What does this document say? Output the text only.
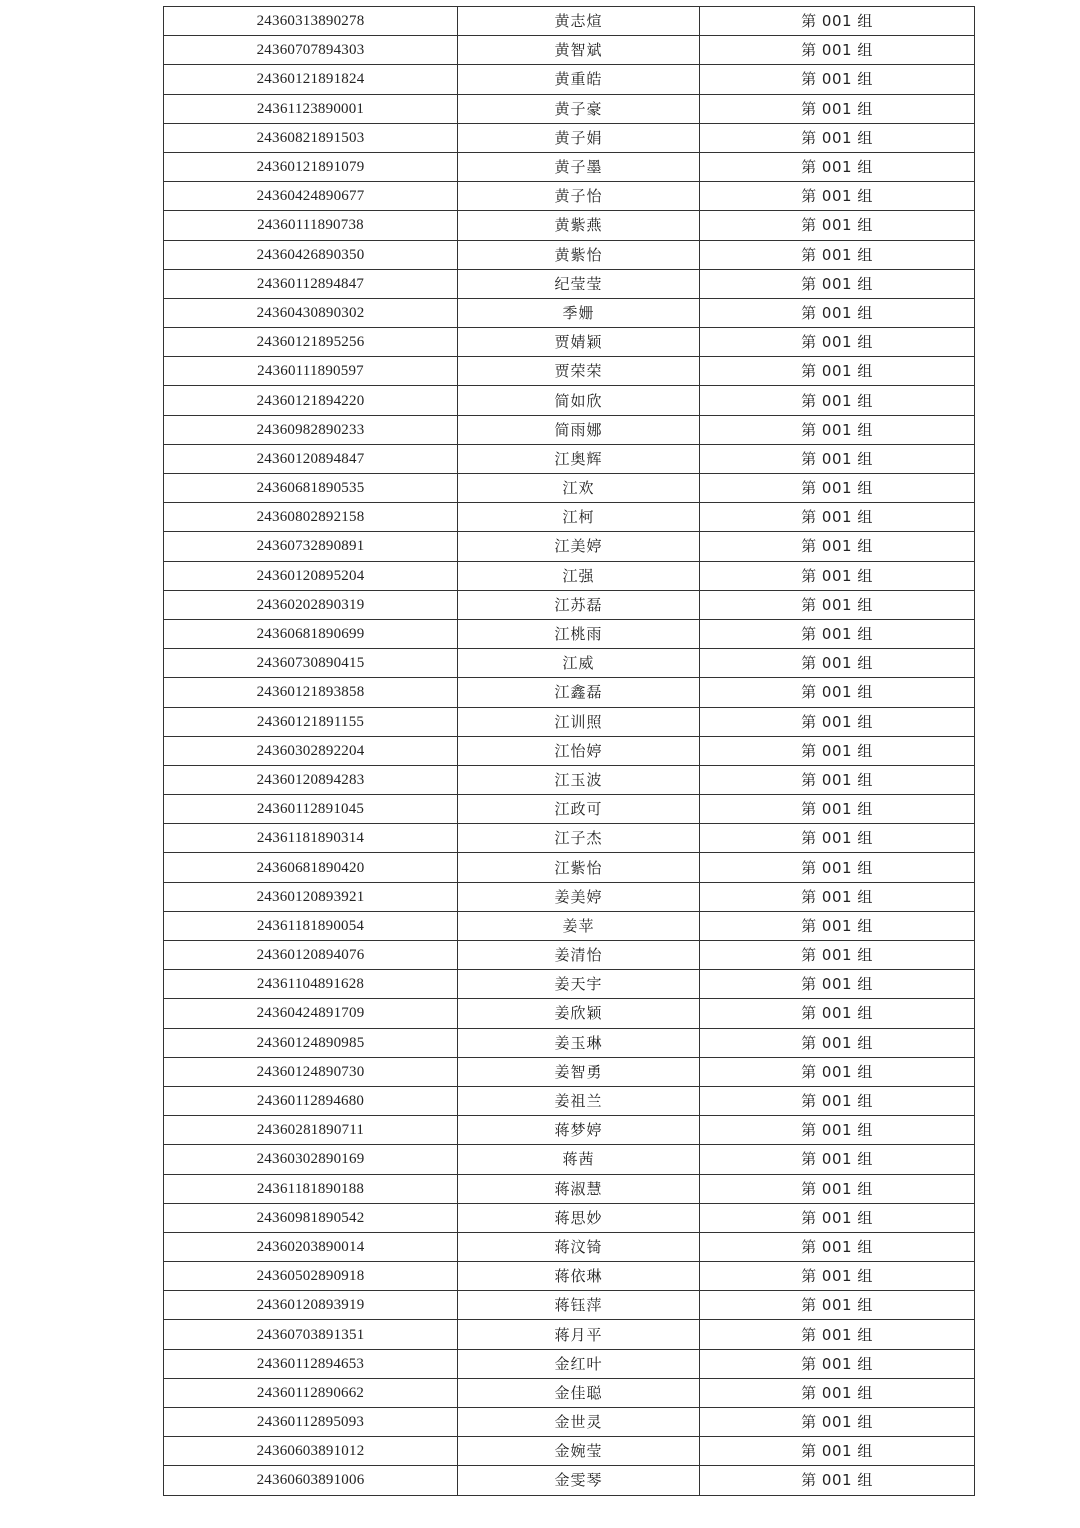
24360313890278	黄志煊	第 001 组
24360707894303	黄智斌	第 001 组
24360121891824	黄重皓	第 001 组
24361123890001	黄子豪	第 001 组
24360821891503	黄子娟	第 001 组
24360121891079	黄子墨	第 001 组
24360424890677	黄子怡	第 001 组
24360111890738	黄紫燕	第 001 组
24360426890350	黄紫怡	第 001 组
24360112894847	纪莹莹	第 001 组
24360430890302	季姗	第 001 组
24360121895256	贾婧颖	第 001 组
24360111890597	贾荣荣	第 001 组
24360121894220	简如欣	第 001 组
24360982890233	简雨娜	第 001 组
24360120894847	江奥辉	第 001 组
24360681890535	江欢	第 001 组
24360802892158	江柯	第 001 组
24360732890891	江美婷	第 001 组
24360120895204	江强	第 001 组
24360202890319	江苏磊	第 001 组
24360681890699	江桃雨	第 001 组
24360730890415	江威	第 001 组
24360121893858	江鑫磊	第 001 组
24360121891155	江训照	第 001 组
24360302892204	江怡婷	第 001 组
24360120894283	江玉波	第 001 组
24360112891045	江政可	第 001 组
24361181890314	江子杰	第 001 组
24360681890420	江紫怡	第 001 组
24360120893921	姜美婷	第 001 组
24361181890054	姜苹	第 001 组
24360120894076	姜清怡	第 001 组
24361104891628	姜天宇	第 001 组
24360424891709	姜欣颖	第 001 组
24360124890985	姜玉琳	第 001 组
24360124890730	姜智勇	第 001 组
24360112894680	姜祖兰	第 001 组
24360281890711	蒋梦婷	第 001 组
24360302890169	蒋茜	第 001 组
24361181890188	蒋淑慧	第 001 组
24360981890542	蒋思妙	第 001 组
24360203890014	蒋汶锜	第 001 组
24360502890918	蒋依琳	第 001 组
24360120893919	蒋钰萍	第 001 组
24360703891351	蒋月平	第 001 组
24360112894653	金红叶	第 001 组
24360112890662	金佳聪	第 001 组
24360112895093	金世灵	第 001 组
24360603891012	金婉莹	第 001 组
24360603891006	金雯琴	第 001 组
